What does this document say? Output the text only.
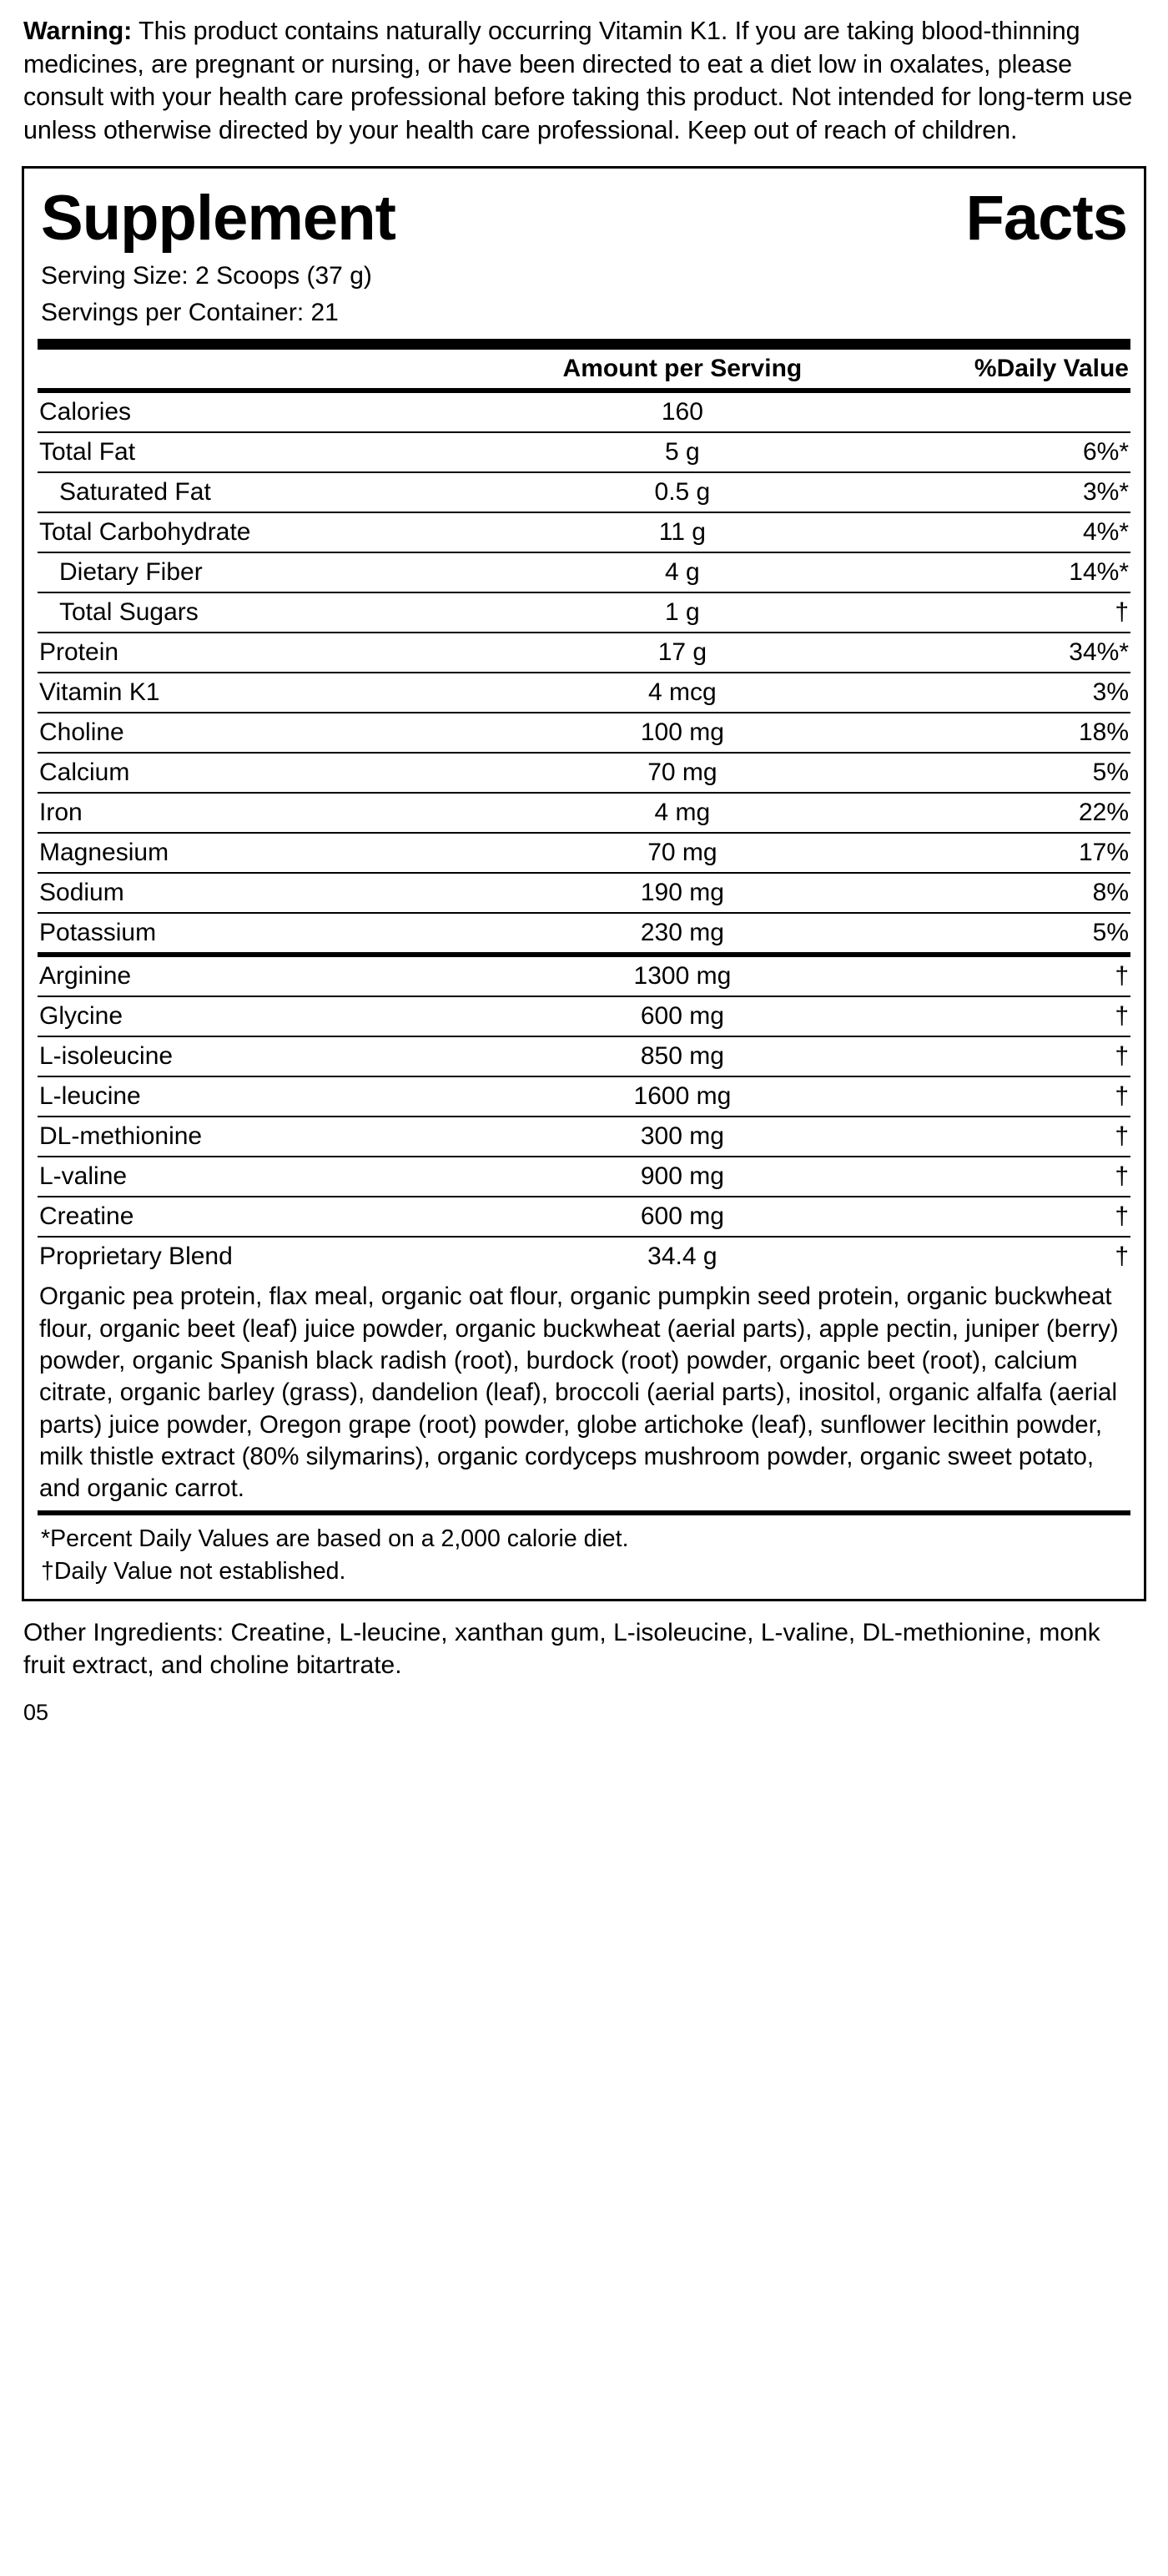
Warning: This product contains naturally occurring Vitamin K1. If you are taking blood-thinning medicines, are pregnant or nursing, or have been directed to eat a diet low in oxalates, please consult with your health care professional before taking this product. Not intended for long-term use unless otherwise directed by your health care professional. Keep out of reach of children.

Supplement	Facts
Serving Size: 2 Scoops (37 g)
Servings per Container: 21
	Amount per Serving	%Daily Value
Calories	160	
Total Fat	5 g	6%*
Saturated Fat	0.5 g	3%*
Total Carbohydrate	11 g	4%*
Dietary Fiber	4 g	14%*
Total Sugars	1 g	†
Protein	17 g	34%*
Vitamin K1	4 mcg	3%
Choline	100 mg	18%
Calcium	70 mg	5%
Iron	4 mg	22%
Magnesium	70 mg	17%
Sodium	190 mg	8%
Potassium	230 mg	5%
Arginine	1300 mg	†
Glycine	600 mg	†
L-isoleucine	850 mg	†
L-leucine	1600 mg	†
DL-methionine	300 mg	†
L-valine	900 mg	†
Creatine	600 mg	†
Proprietary Blend	34.4 g	†
Organic pea protein, flax meal, organic oat flour, organic pumpkin seed protein, organic buckwheat flour, organic beet (leaf) juice powder, organic buckwheat (aerial parts), apple pectin, juniper (berry) powder, organic Spanish black radish (root), burdock (root) powder, organic beet (root), calcium citrate, organic barley (grass), dandelion (leaf), broccoli (aerial parts), inositol, organic alfalfa (aerial parts) juice powder, Oregon grape (root) powder, globe artichoke (leaf), sunflower lecithin powder, milk thistle extract (80% silymarins), organic cordyceps mushroom powder, organic sweet potato, and organic carrot.		
*Percent Daily Values are based on a 2,000 calorie diet.
†Daily Value not established.

Other Ingredients: Creatine, L-leucine, xanthan gum, L-isoleucine, L-valine, DL-methionine, monk fruit extract, and choline bitartrate.

05
